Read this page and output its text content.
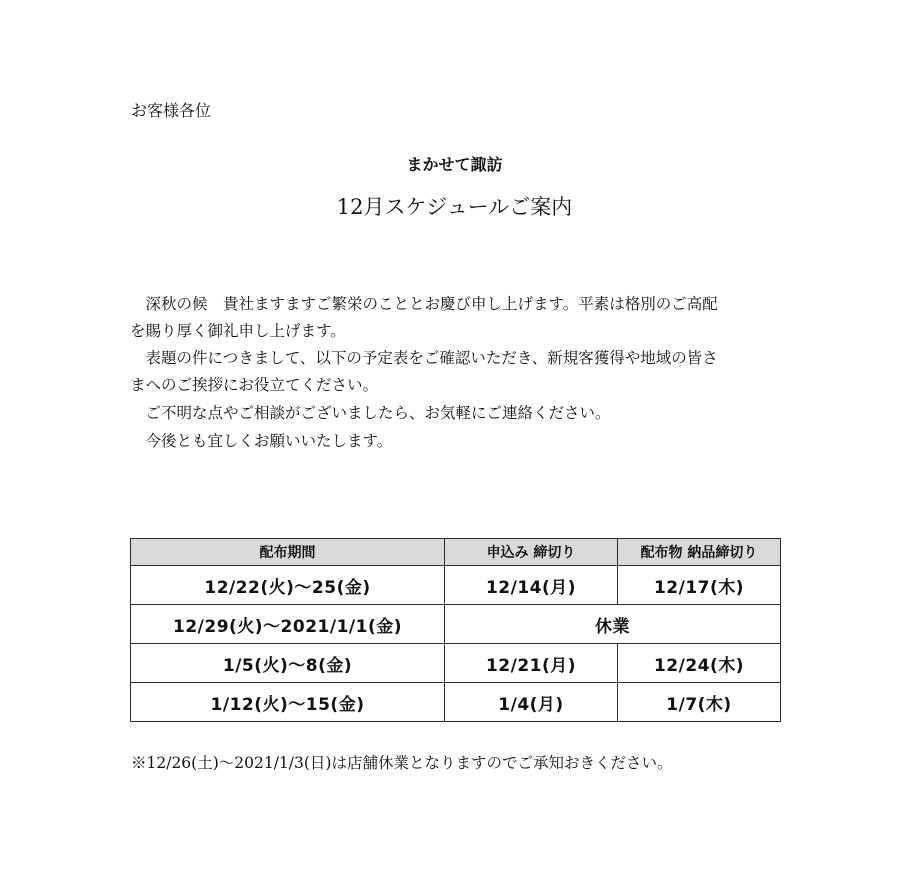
お客様各位
まかせて諏訪
12月スケジュールご案内
　深秋の候　貴社ますますご繁栄のこととお慶び申し上げます。平素は格別のご高配
を賜り厚く御礼申し上げます。
　表題の件につきまして、以下の予定表をご確認いただき、新規客獲得や地域の皆さ
まへのご挨拶にお役立てください。
　ご不明な点やご相談がございましたら、お気軽にご連絡ください。
　今後とも宜しくお願いいたします。
配布期間	申込み 締切り	配布物 納品締切り
12/22(火)～25(金)	12/14(月)	12/17(木)
12/29(火)～2021/1/1(金)	休業	
1/5(火)～8(金)	12/21(月)	12/24(木)
1/12(火)～15(金)	1/4(月)	1/7(木)
※12/26(土)～2021/1/3(日)は店舗休業となりますのでご承知おきください。
